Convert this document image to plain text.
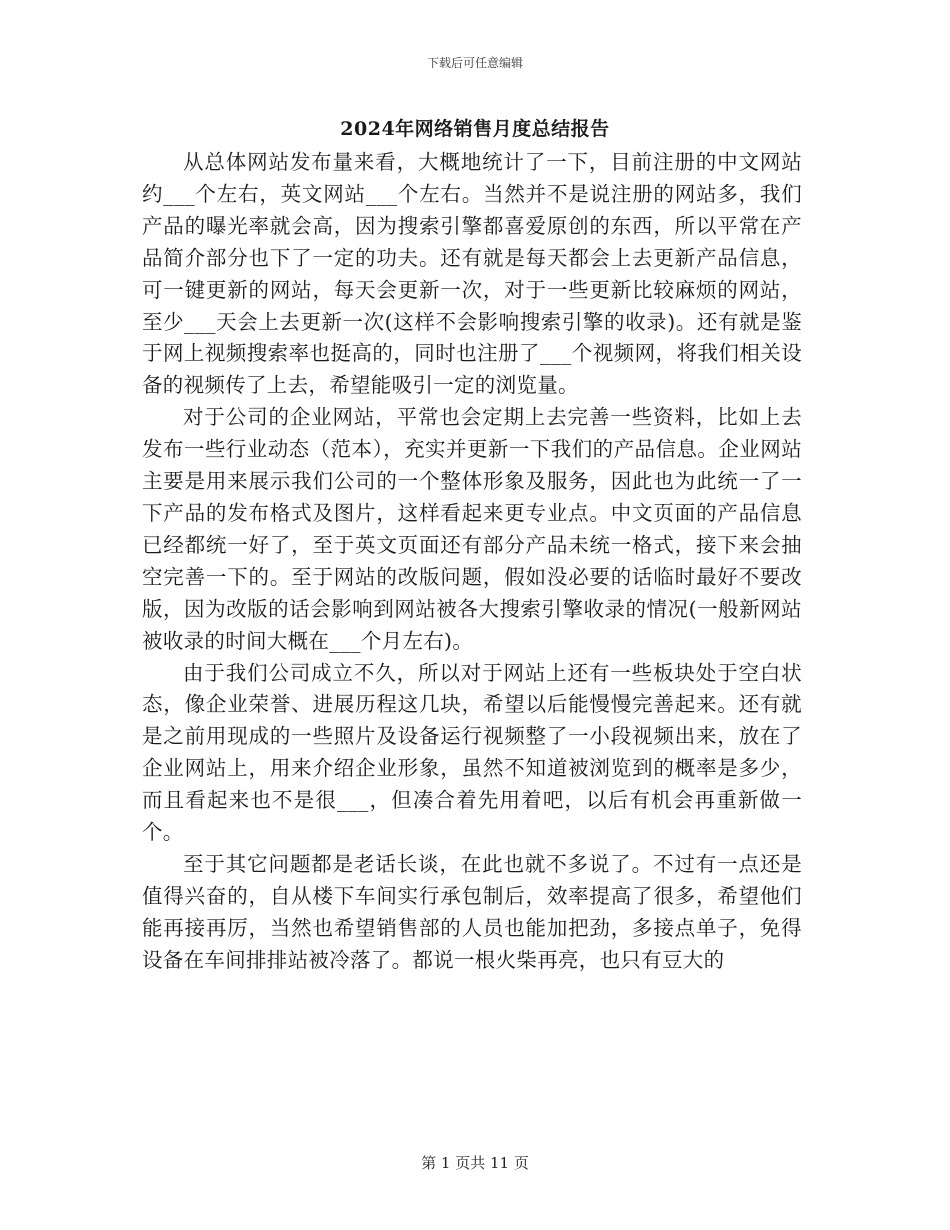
下载后可任意编辑
2024年网络销售月度总结报告

从总体网站发布量来看，大概地统计了一下，目前注册的中文网站约___个左右，英文网站___个左右。当然并不是说注册的网站多，我们产品的曝光率就会高，因为搜索引擎都喜爱原创的东西，所以平常在产品简介部分也下了一定的功夫。还有就是每天都会上去更新产品信息，可一键更新的网站，每天会更新一次，对于一些更新比较麻烦的网站，至少___天会上去更新一次(这样不会影响搜索引擎的收录)。还有就是鉴于网上视频搜索率也挺高的，同时也注册了___个视频网，将我们相关设备的视频传了上去，希望能吸引一定的浏览量。

对于公司的企业网站，平常也会定期上去完善一些资料，比如上去发布一些行业动态（范本），充实并更新一下我们的产品信息。企业网站主要是用来展示我们公司的一个整体形象及服务，因此也为此统一了一下产品的发布格式及图片，这样看起来更专业点。中文页面的产品信息已经都统一好了，至于英文页面还有部分产品未统一格式，接下来会抽空完善一下的。至于网站的改版问题，假如没必要的话临时最好不要改版，因为改版的话会影响到网站被各大搜索引擎收录的情况(一般新网站被收录的时间大概在___个月左右)。

由于我们公司成立不久，所以对于网站上还有一些板块处于空白状态，像企业荣誉、进展历程这几块，希望以后能慢慢完善起来。还有就是之前用现成的一些照片及设备运行视频整了一小段视频出来，放在了企业网站上，用来介绍企业形象，虽然不知道被浏览到的概率是多少，而且看起来也不是很___，但凑合着先用着吧，以后有机会再重新做一个。

至于其它问题都是老话长谈，在此也就不多说了。不过有一点还是值得兴奋的，自从楼下车间实行承包制后，效率提高了很多，希望他们能再接再厉，当然也希望销售部的人员也能加把劲，多接点单子，免得设备在车间排排站被冷落了。都说一根火柴再亮，也只有豆大的

第 1 页共 11 页
